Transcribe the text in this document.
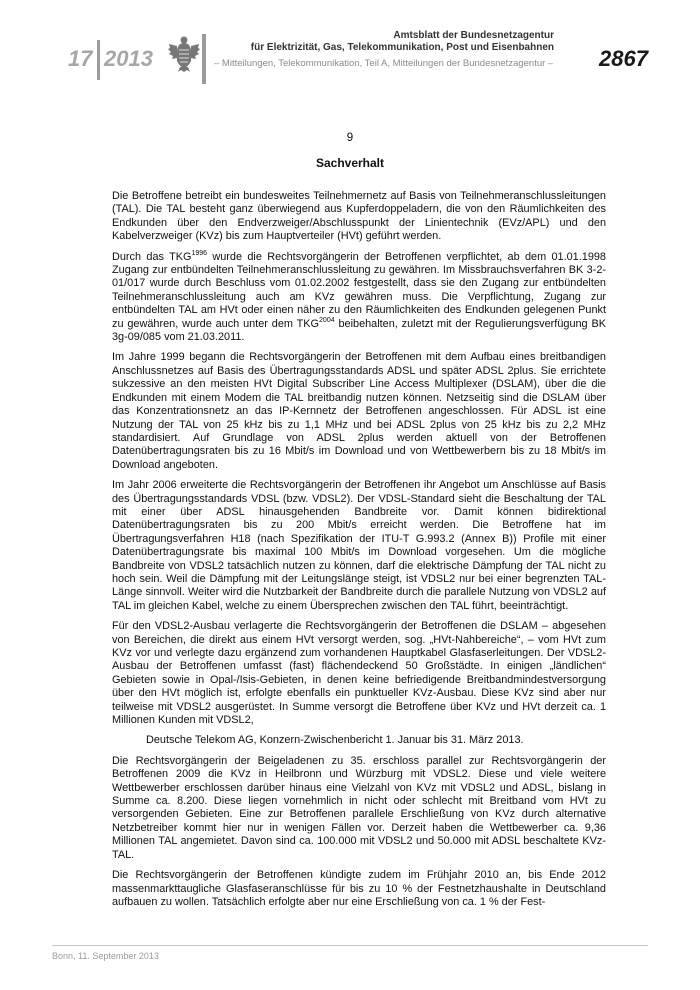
17 2013
Amtsblatt der Bundesnetzagentur
für Elektrizität, Gas, Telekommunikation, Post und Eisenbahnen
– Mitteilungen, Telekommunikation, Teil A, Mitteilungen der Bundesnetzagentur –	2867
9
Sachverhalt

Die Betroffene betreibt ein bundesweites Teilnehmernetz auf Basis von Teilnehmeranschlussleitungen (TAL). Die TAL besteht ganz überwiegend aus Kupferdoppeladern, die von den Räumlichkeiten des Endkunden über den Endverzweiger/Abschlusspunkt der Linientechnik (EVz/APL) und den Kabelverzweiger (KVz) bis zum Hauptverteiler (HVt) geführt werden.

Durch das $TKG^{1996}$ wurde die Rechtsvorgängerin der Betroffenen verpflichtet, ab dem 01.01.1998 Zugang zur entbündelten Teilnehmeranschlussleitung zu gewähren. Im Missbrauchsverfahren BK 3-2-01/017 wurde durch Beschluss vom 01.02.2002 festgestellt, dass sie den Zugang zur entbündelten Teilnehmeranschlussleitung auch am KVz gewähren muss. Die Verpflichtung, Zugang zur entbündelten TAL am HVt oder einen näher zu den Räumlichkeiten des Endkunden gelegenen Punkt zu gewähren, wurde auch unter dem $TKG^{2004}$ beibehalten, zuletzt mit der Regulierungsverfügung BK 3g-09/085 vom 21.03.2011.

Im Jahre 1999 begann die Rechtsvorgängerin der Betroffenen mit dem Aufbau eines breitbandigen Anschlussnetzes auf Basis des Übertragungsstandards ADSL und später ADSL 2plus. Sie errichtete sukzessive an den meisten HVt Digital Subscriber Line Access Multiplexer (DSLAM), über die die Endkunden mit einem Modem die TAL breitbandig nutzen können. Netzseitig sind die DSLAM über das Konzentrationsnetz an das IP-Kernnetz der Betroffenen angeschlossen. Für ADSL ist eine Nutzung der TAL von 25 kHz bis zu 1,1 MHz und bei ADSL 2plus von 25 kHz bis zu 2,2 MHz standardisiert. Auf Grundlage von ADSL 2plus werden aktuell von der Betroffenen Datenübertragungsraten bis zu 16 Mbit/s im Download und von Wettbewerbern bis zu 18 Mbit/s im Download angeboten.

Im Jahr 2006 erweiterte die Rechtsvorgängerin der Betroffenen ihr Angebot um Anschlüsse auf Basis des Übertragungsstandards VDSL (bzw. VDSL2). Der VDSL-Standard sieht die Beschaltung der TAL mit einer über ADSL hinausgehenden Bandbreite vor. Damit können bidirektional Datenübertragungsraten bis zu 200 Mbit/s erreicht werden. Die Betroffene hat im Übertragungsverfahren H18 (nach Spezifikation der ITU-T G.993.2 (Annex B)) Profile mit einer Datenübertragungsrate bis maximal 100 Mbit/s im Download vorgesehen. Um die mögliche Bandbreite von VDSL2 tatsächlich nutzen zu können, darf die elektrische Dämpfung der TAL nicht zu hoch sein. Weil die Dämpfung mit der Leitungslänge steigt, ist VDSL2 nur bei einer begrenzten TAL-Länge sinnvoll. Weiter wird die Nutzbarkeit der Bandbreite durch die parallele Nutzung von VDSL2 auf TAL im gleichen Kabel, welche zu einem Übersprechen zwischen den TAL führt, beeinträchtigt.

Für den VDSL2-Ausbau verlagerte die Rechtsvorgängerin der Betroffenen die DSLAM – abgesehen von Bereichen, die direkt aus einem HVt versorgt werden, sog. „HVt-Nahbereiche“, – vom HVt zum KVz vor und verlegte dazu ergänzend zum vorhandenen Hauptkabel Glasfaserleitungen. Der VDSL2-Ausbau der Betroffenen umfasst (fast) flächendeckend 50 Großstädte. In einigen „ländlichen“ Gebieten sowie in Opal-/Isis-Gebieten, in denen keine befriedigende Breitbandmindestversorgung über den HVt möglich ist, erfolgte ebenfalls ein punktueller KVz-Ausbau. Diese KVz sind aber nur teilweise mit VDSL2 ausgerüstet. In Summe versorgt die Betroffene über KVz und HVt derzeit ca. 1 Millionen Kunden mit VDSL2,

Deutsche Telekom AG, Konzern-Zwischenbericht 1. Januar bis 31. März 2013.

Die Rechtsvorgängerin der Beigeladenen zu 35. erschloss parallel zur Rechtsvorgängerin der Betroffenen 2009 die KVz in Heilbronn und Würzburg mit VDSL2. Diese und viele weitere Wettbewerber erschlossen darüber hinaus eine Vielzahl von KVz mit VDSL2 und ADSL, bislang in Summe ca. 8.200. Diese liegen vornehmlich in nicht oder schlecht mit Breitband vom HVt zu versorgenden Gebieten. Eine zur Betroffenen parallele Erschließung von KVz durch alternative Netzbetreiber kommt hier nur in wenigen Fällen vor. Derzeit haben die Wettbewerber ca. 9,36 Millionen TAL angemietet. Davon sind ca. 100.000 mit VDSL2 und 50.000 mit ADSL beschaltete KVz-TAL.

Die Rechtsvorgängerin der Betroffenen kündigte zudem im Frühjahr 2010 an, bis Ende 2012 massenmarkttaugliche Glasfaseranschlüsse für bis zu 10 % der Festnetzhaushalte in Deutschland aufbauen zu wollen. Tatsächlich erfolgte aber nur eine Erschließung von ca. 1 % der Fest-

Bonn, 11. September 2013
